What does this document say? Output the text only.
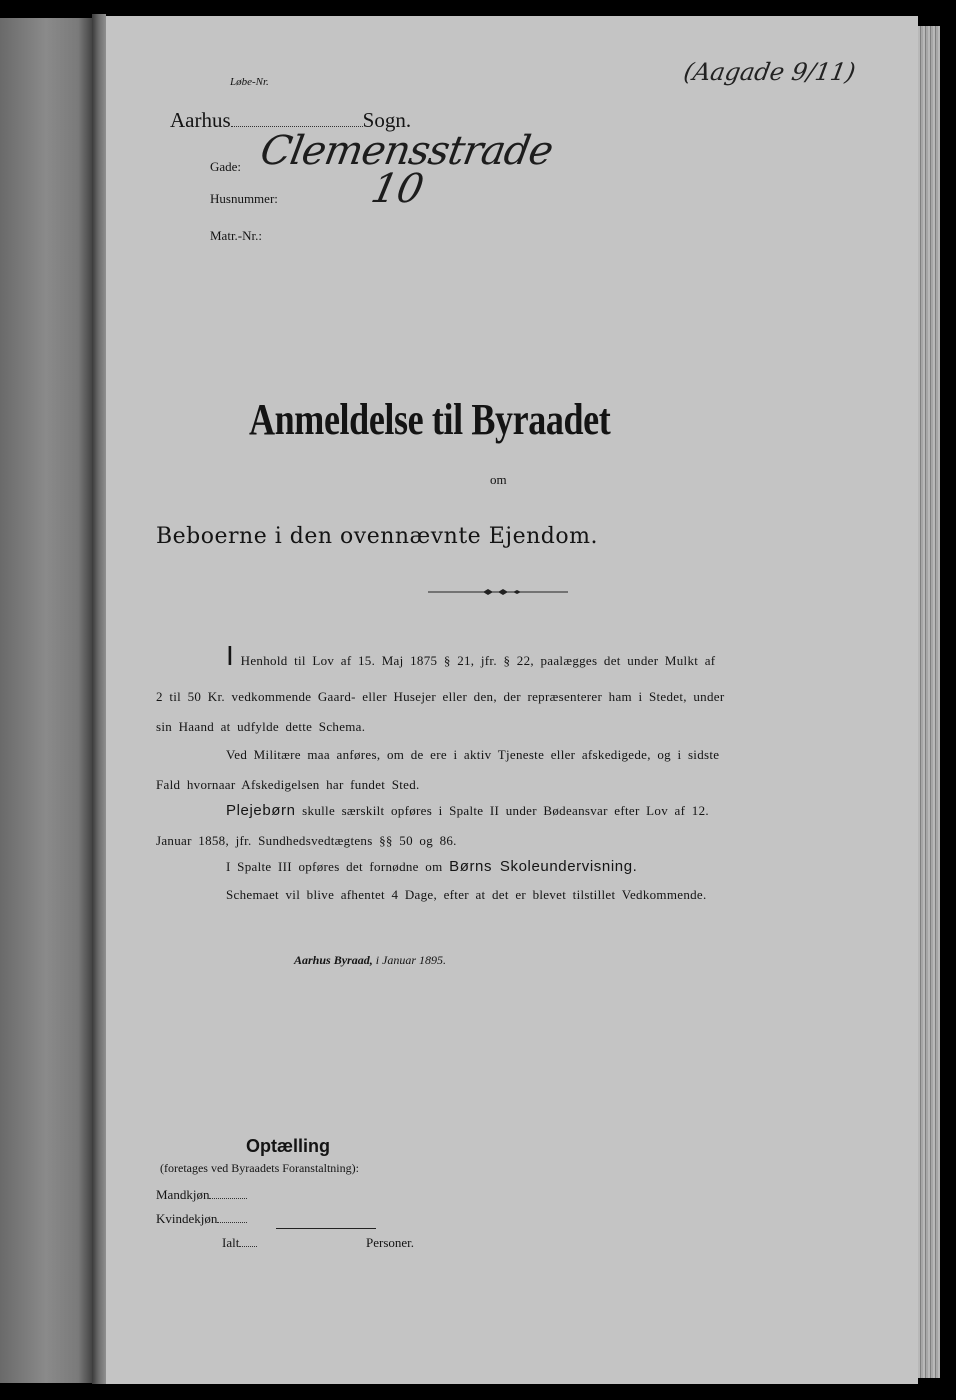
Løbe-Nr.
Aarhus	Sogn.
Gade: Clemensstrade
Husnummer: 10
Matr.-Nr.:
(Aagade 9/11)
Anmeldelse til Byraadet
om
Beboerne i den ovennævnte Ejendom.
I Henhold til Lov af 15. Maj 1875 § 21, jfr. § 22, paalægges det under Mulkt af
2 til 50 Kr. vedkommende Gaard- eller Husejer eller den, der repræsenterer ham i Stedet, under
sin Haand at udfylde dette Schema.
Ved Militære maa anføres, om de ere i aktiv Tjeneste eller afskedigede, og i sidste
Fald hvornaar Afskedigelsen har fundet Sted.
Plejebørn skulle særskilt opføres i Spalte II under Bødeansvar efter Lov af 12.
Januar 1858, jfr. Sundhedsvedtægtens §§ 50 og 86.
I Spalte III opføres det fornødne om Børns Skoleundervisning.
Schemaet vil blive afhentet 4 Dage, efter at det er blevet tilstillet Vedkommende.
Aarhus Byraad, i Januar 1895.
Optælling
(foretages ved Byraadets Foranstaltning):
Mandkjøn
Kvindekjøn
Ialt	Personer.
